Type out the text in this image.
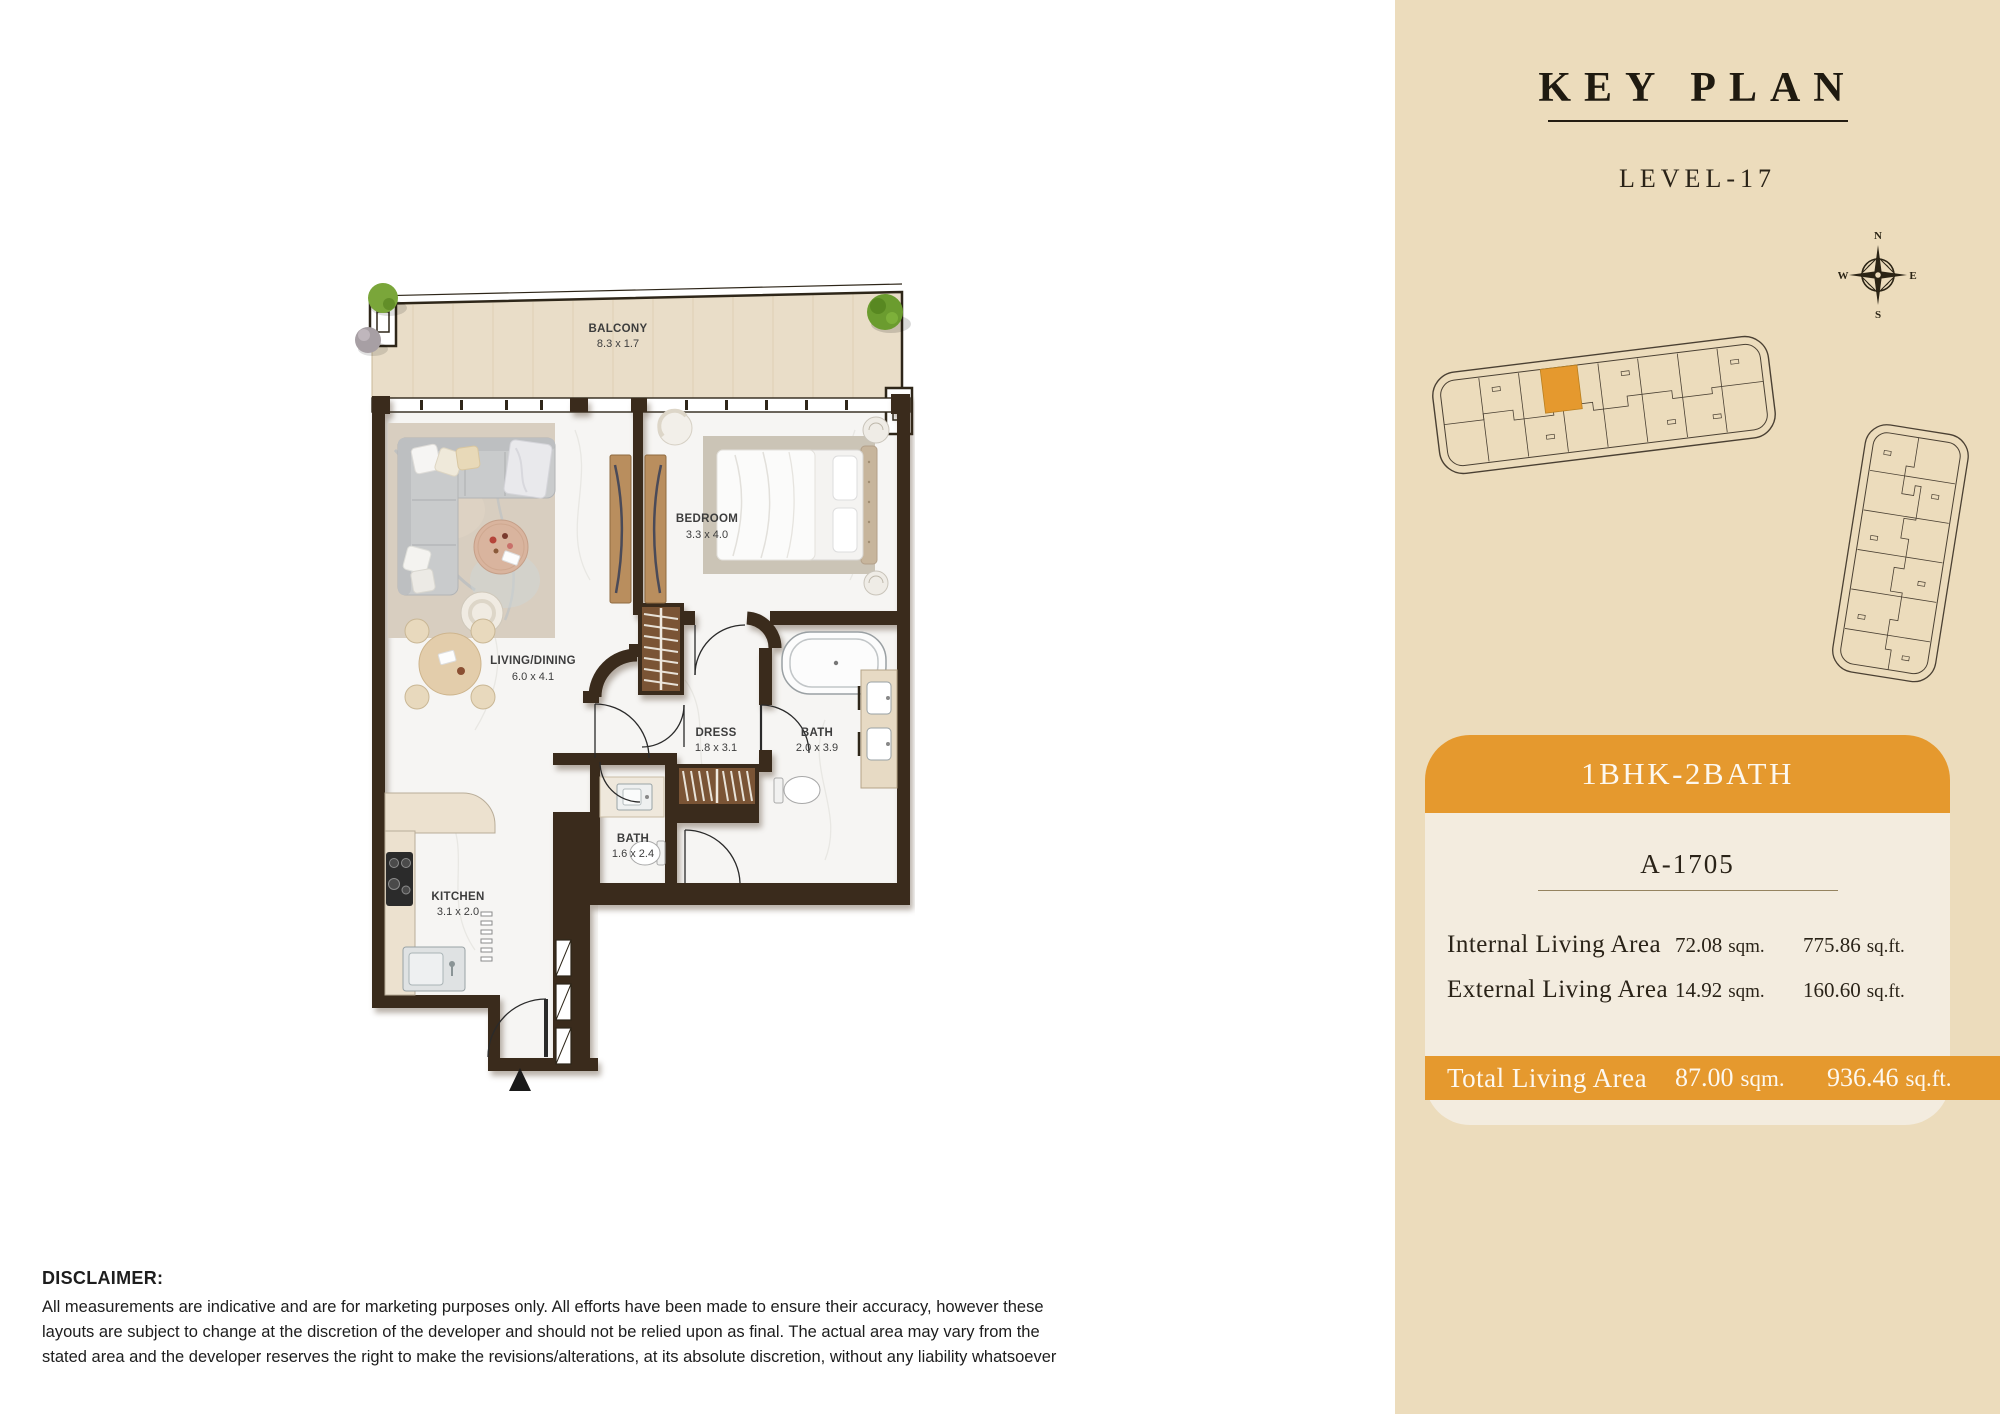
BALCONY
8.3 x 1.7
BEDROOM
3.3 x 4.0
LIVING/DINING
6.0 x 4.1
DRESS
1.8 x 3.1
BATH
2.0 x 3.9
BATH
1.6 x 2.4
KITCHEN
3.1 x 2.0
KEY PLAN
LEVEL-17
N
S
E
W
1BHK-2BATH
A-1705
Internal Living Area 72.08 sqm.	775.86 sq.ft.
External Living Area 14.92 sqm.	160.60 sq.ft.
Total Living Area	87.00 sqm.	936.46 sq.ft.
DISCLAIMER:

All measurements are indicative and are for marketing purposes only. All efforts have been made to ensure their accuracy, however these layouts are subject to change at the discretion of the developer and should not be relied upon as final. The actual area may vary from the stated area and the developer reserves the right to make the revisions/alterations, at its absolute discretion, without any liability whatsoever
